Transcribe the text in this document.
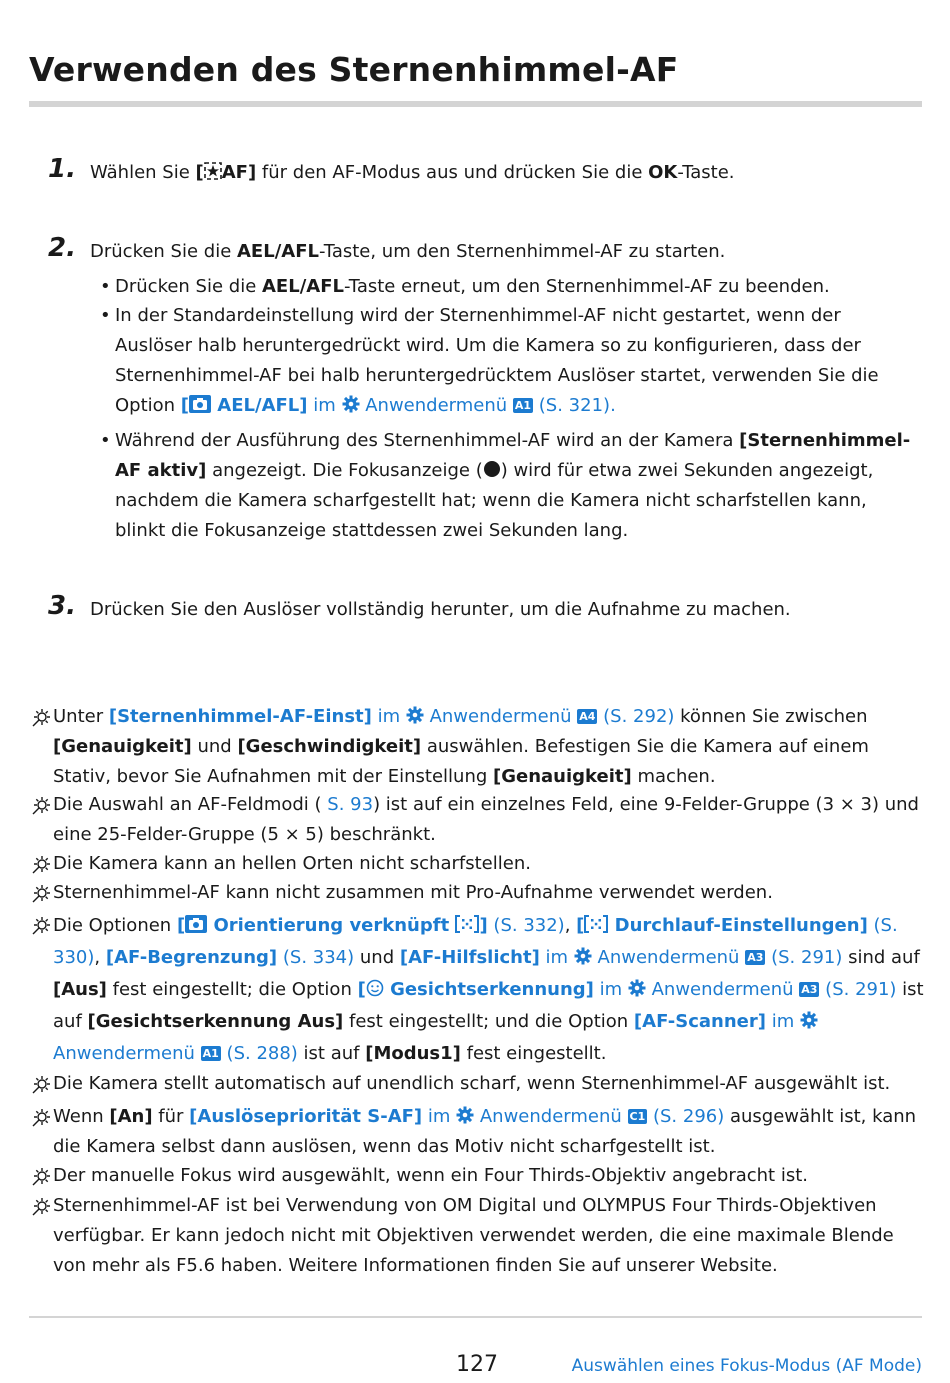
Verwenden des Sternenhimmel-AF
1. Wählen Sie [ AF] für den AF-Modus aus und drücken Sie die OK-Taste.
2. Drücken Sie die AEL/AFL-Taste, um den Sternenhimmel-AF zu starten.
• Drücken Sie die AEL/AFL-Taste erneut, um den Sternenhimmel-AF zu beenden.
• In der Standardeinstellung wird der Sternenhimmel-AF nicht gestartet, wenn der Auslöser halb heruntergedrückt wird. Um die Kamera so zu konfigurieren, dass der Sternenhimmel-AF bei halb heruntergedrücktem Auslöser startet, verwenden Sie die Option [ AEL/AFL] im  Anwendermenü A1 (S. 321).
• Während der Ausführung des Sternenhimmel-AF wird an der Kamera [Sternenhimmel-AF aktiv] angezeigt. Die Fokusanzeige ( ) wird für etwa zwei Sekunden angezeigt, nachdem die Kamera scharfgestellt hat; wenn die Kamera nicht scharfstellen kann, blinkt die Fokusanzeige stattdessen zwei Sekunden lang.
3. Drücken Sie den Auslöser vollständig herunter, um die Aufnahme zu machen.
Unter [Sternenhimmel-AF-Einst] im  Anwendermenü A4 (S. 292) können Sie zwischen [Genauigkeit] und [Geschwindigkeit] auswählen. Befestigen Sie die Kamera auf einem Stativ, bevor Sie Aufnahmen mit der Einstellung [Genauigkeit] machen.
Die Auswahl an AF-Feldmodi ( S. 93) ist auf ein einzelnes Feld, eine 9-Felder-Gruppe (3 × 3) und eine 25-Felder-Gruppe (5 × 5) beschränkt.
Die Kamera kann an hellen Orten nicht scharfstellen.
Sternenhimmel-AF kann nicht zusammen mit Pro-Aufnahme verwendet werden.
Die Optionen [ Orientierung verknüpft ] (S. 332), [ Durchlauf-Einstellungen] (S. 330), [AF-Begrenzung] (S. 334) und [AF-Hilfslicht] im  Anwendermenü A3 (S. 291) sind auf [Aus] fest eingestellt; die Option [ Gesichtserkennung] im  Anwendermenü A3 (S. 291) ist auf [Gesichtserkennung Aus] fest eingestellt; und die Option [AF-Scanner] im  Anwendermenü A1 (S. 288) ist auf [Modus1] fest eingestellt.
Die Kamera stellt automatisch auf unendlich scharf, wenn Sternenhimmel-AF ausgewählt ist.
Wenn [An] für [Auslösepriorität S-AF] im  Anwendermenü C1 (S. 296) ausgewählt ist, kann die Kamera selbst dann auslösen, wenn das Motiv nicht scharfgestellt ist.
Der manuelle Fokus wird ausgewählt, wenn ein Four Thirds-Objektiv angebracht ist.
Sternenhimmel-AF ist bei Verwendung von OM Digital und OLYMPUS Four Thirds-Objektiven verfügbar. Er kann jedoch nicht mit Objektiven verwendet werden, die eine maximale Blende von mehr als F5.6 haben. Weitere Informationen finden Sie auf unserer Website.
127	Auswählen eines Fokus-Modus (AF Mode)
